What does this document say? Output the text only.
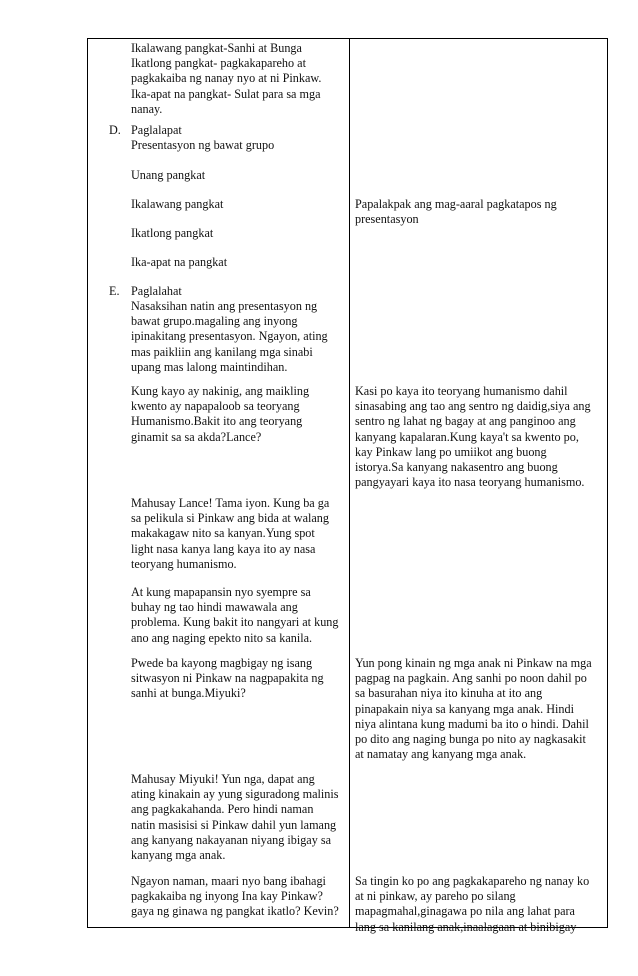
Ikalawang pangkat-Sanhi at Bunga

Ikatlong pangkat- pagkakapareho at

pagkakaiba ng nanay nyo at ni Pinkaw.

Ika-apat na pangkat- Sulat para sa mga

nanay.

D. Paglalapat

Presentasyon ng bawat grupo

Unang pangkat

Ikalawang pangkat

Ikatlong pangkat

Ika-apat na pangkat

Papalakpak ang mag-aaral pagkatapos ng

presentasyon

E. Paglalahat

Nasaksihan natin ang presentasyon ng

bawat grupo.magaling ang inyong

ipinakitang presentasyon. Ngayon, ating

mas paikliin ang kanilang mga sinabi

upang mas lalong maintindihan.

Kung kayo ay nakinig, ang maikling

kwento ay napapaloob sa teoryang

Humanismo.Bakit ito ang teoryang

ginamit sa sa akda?Lance?

Kasi po kaya ito teoryang humanismo dahil

sinasabing ang tao ang sentro ng daidig,siya ang

sentro ng lahat ng bagay at ang panginoo ang

kanyang kapalaran.Kung kaya't sa kwento po,

kay Pinkaw lang po umiikot ang buong

istorya.Sa kanyang nakasentro ang buong

pangyayari kaya ito nasa teoryang humanismo.

Mahusay Lance! Tama iyon. Kung ba ga

sa pelikula si Pinkaw ang bida at walang

makakagaw nito sa kanyan.Yung spot

light nasa kanya lang kaya ito ay nasa

teoryang humanismo.

At kung mapapansin nyo syempre sa

buhay ng tao hindi mawawala ang

problema. Kung bakit ito nangyari at kung

ano ang naging epekto nito sa kanila.

Pwede ba kayong magbigay ng isang

sitwasyon ni Pinkaw na nagpapakita ng

sanhi at bunga.Miyuki?

Yun pong kinain ng mga anak ni Pinkaw na mga

pagpag na pagkain. Ang sanhi po noon dahil po

sa basurahan niya ito kinuha at ito ang

pinapakain niya sa kanyang mga anak. Hindi

niya alintana kung madumi ba ito o hindi. Dahil

po dito ang naging bunga po nito ay nagkasakit

at namatay ang kanyang mga anak.

Mahusay Miyuki! Yun nga, dapat ang

ating kinakain ay yung siguradong malinis

ang pagkakahanda. Pero hindi naman

natin masisisi si Pinkaw dahil yun lamang

ang kanyang nakayanan niyang ibigay sa

kanyang mga anak.

Ngayon naman, maari nyo bang ibahagi

pagkakaiba ng inyong Ina kay Pinkaw?

gaya ng ginawa ng pangkat ikatlo? Kevin?

Sa tingin ko po ang pagkakapareho ng nanay ko

at ni pinkaw, ay pareho po silang

mapagmahal,ginagawa po nila ang lahat para

lang sa kanilang anak,inaalagaan at binibigay
